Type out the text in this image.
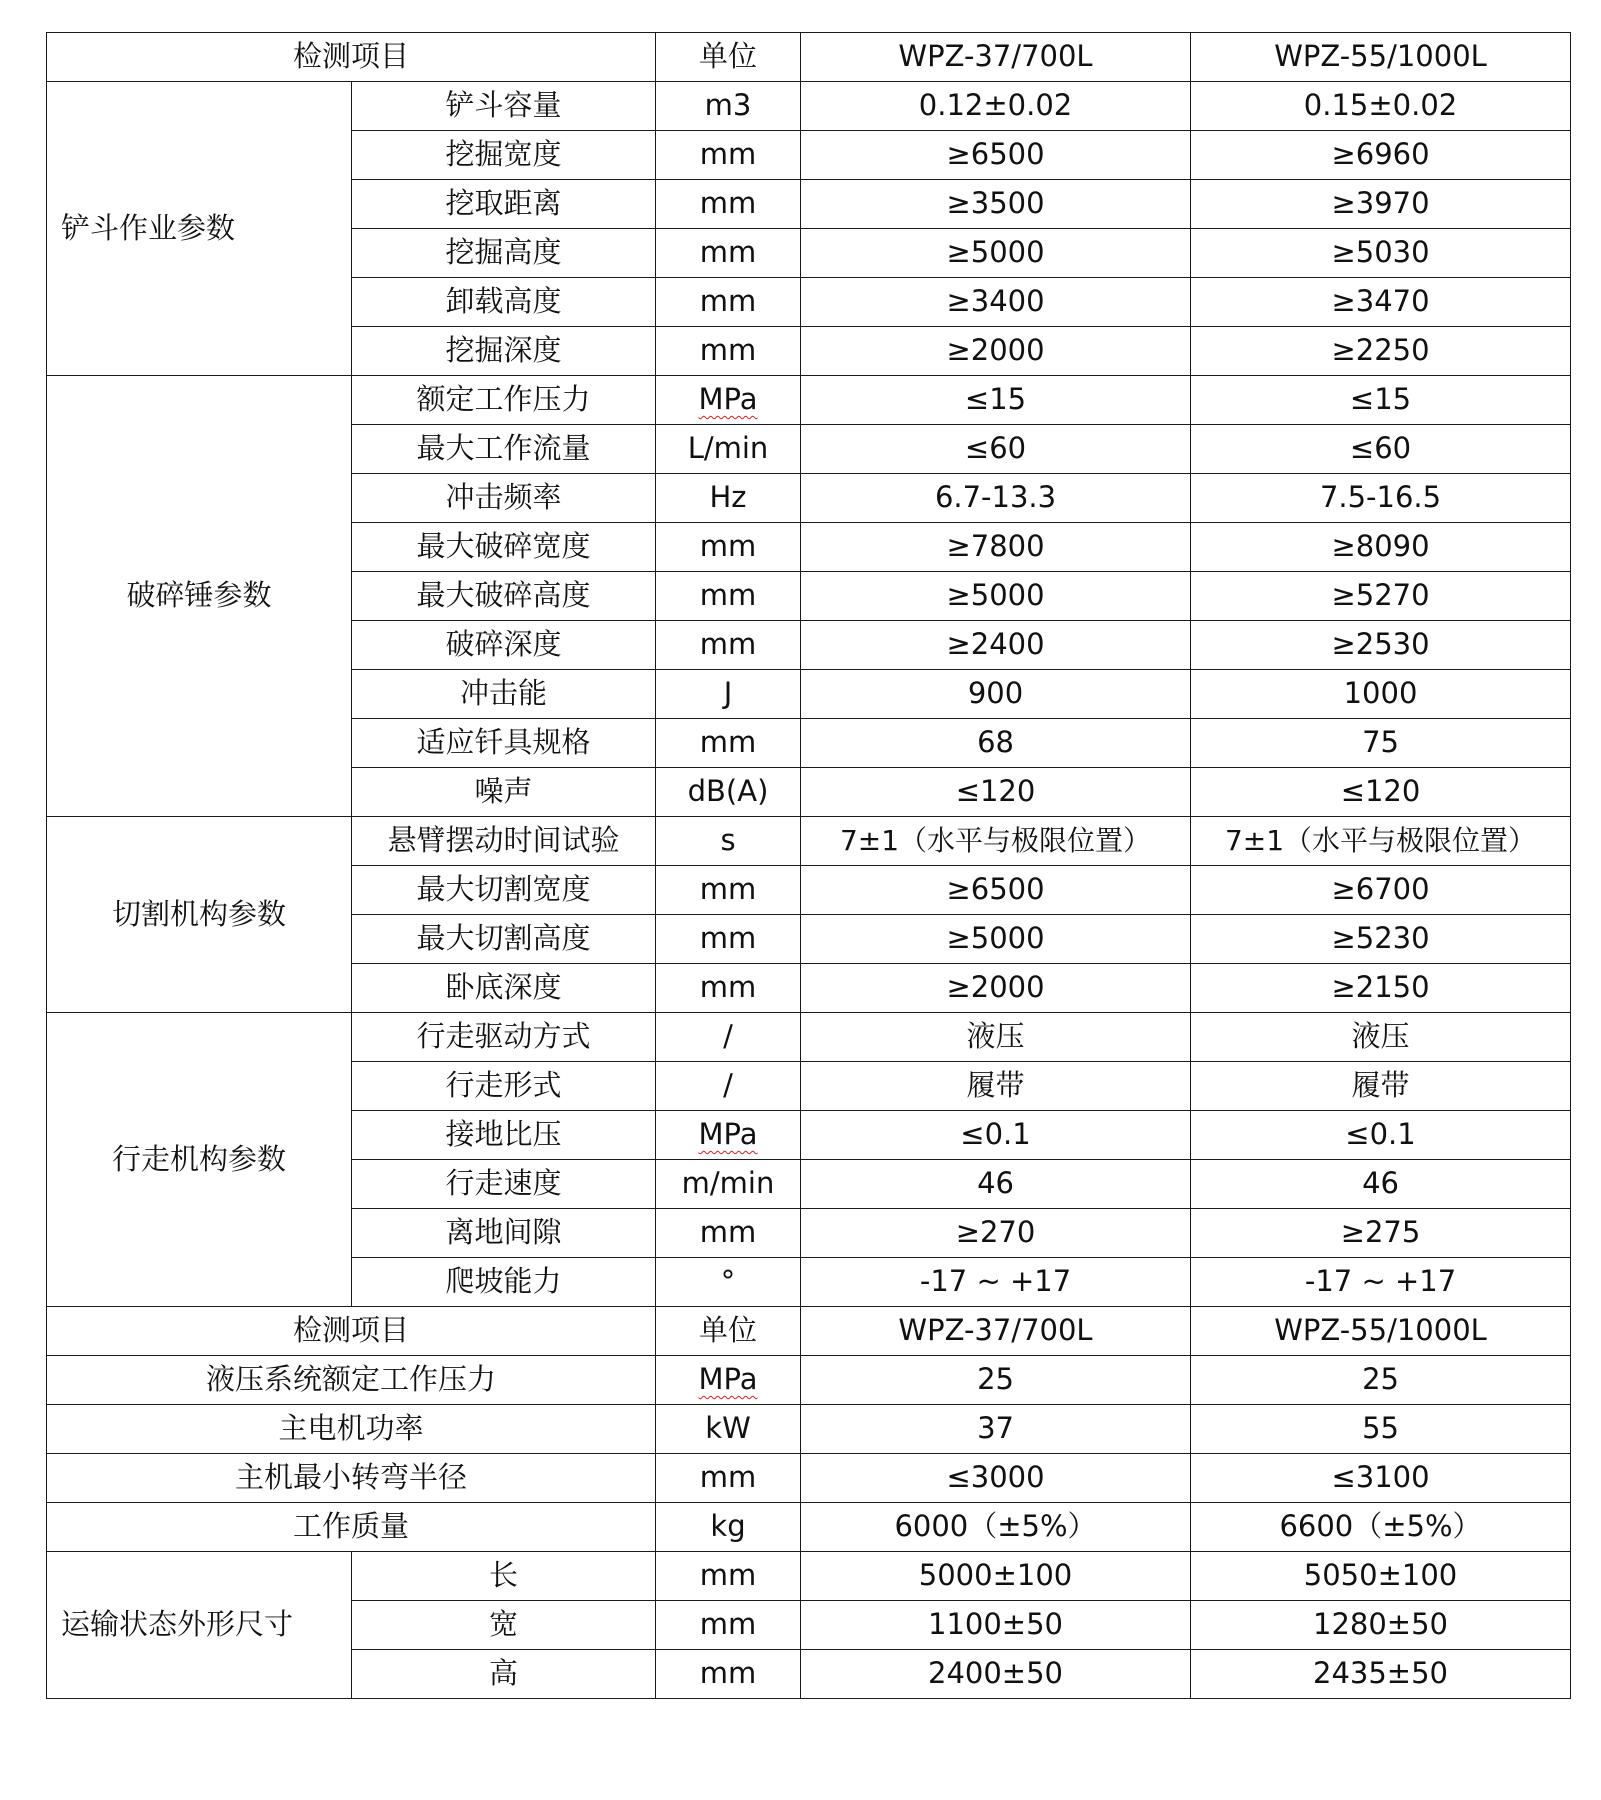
检测项目		单位	WPZ-37/700L	WPZ-55/1000L
铲斗作业参数	铲斗容量	m3	0.12±0.02	0.15±0.02
	挖掘宽度	mm	≥6500	≥6960
	挖取距离	mm	≥3500	≥3970
	挖掘高度	mm	≥5000	≥5030
	卸载高度	mm	≥3400	≥3470
	挖掘深度	mm	≥2000	≥2250
破碎锤参数	额定工作压力	MPa	≤15	≤15
	最大工作流量	L/min	≤60	≤60
	冲击频率	Hz	6.7-13.3	7.5-16.5
	最大破碎宽度	mm	≥7800	≥8090
	最大破碎高度	mm	≥5000	≥5270
	破碎深度	mm	≥2400	≥2530
	冲击能	J	900	1000
	适应钎具规格	mm	68	75
	噪声	dB(A)	≤120	≤120
切割机构参数	悬臂摆动时间试验	s	7±1（水平与极限位置）	7±1（水平与极限位置）
	最大切割宽度	mm	≥6500	≥6700
	最大切割高度	mm	≥5000	≥5230
	卧底深度	mm	≥2000	≥2150
行走机构参数	行走驱动方式	/	液压	液压
	行走形式	/	履带	履带
	接地比压	MPa	≤0.1	≤0.1
	行走速度	m/min	46	46
	离地间隙	mm	≥270	≥275
	爬坡能力	°	-17 ~ +17	-17 ~ +17
检测项目		单位	WPZ-37/700L	WPZ-55/1000L
液压系统额定工作压力		MPa	25	25
主电机功率		kW	37	55
主机最小转弯半径		mm	≤3000	≤3100
工作质量		kg	6000（±5%）	6600（±5%）
运输状态外形尺寸	长	mm	5000±100	5050±100
	宽	mm	1100±50	1280±50
	高	mm	2400±50	2435±50
